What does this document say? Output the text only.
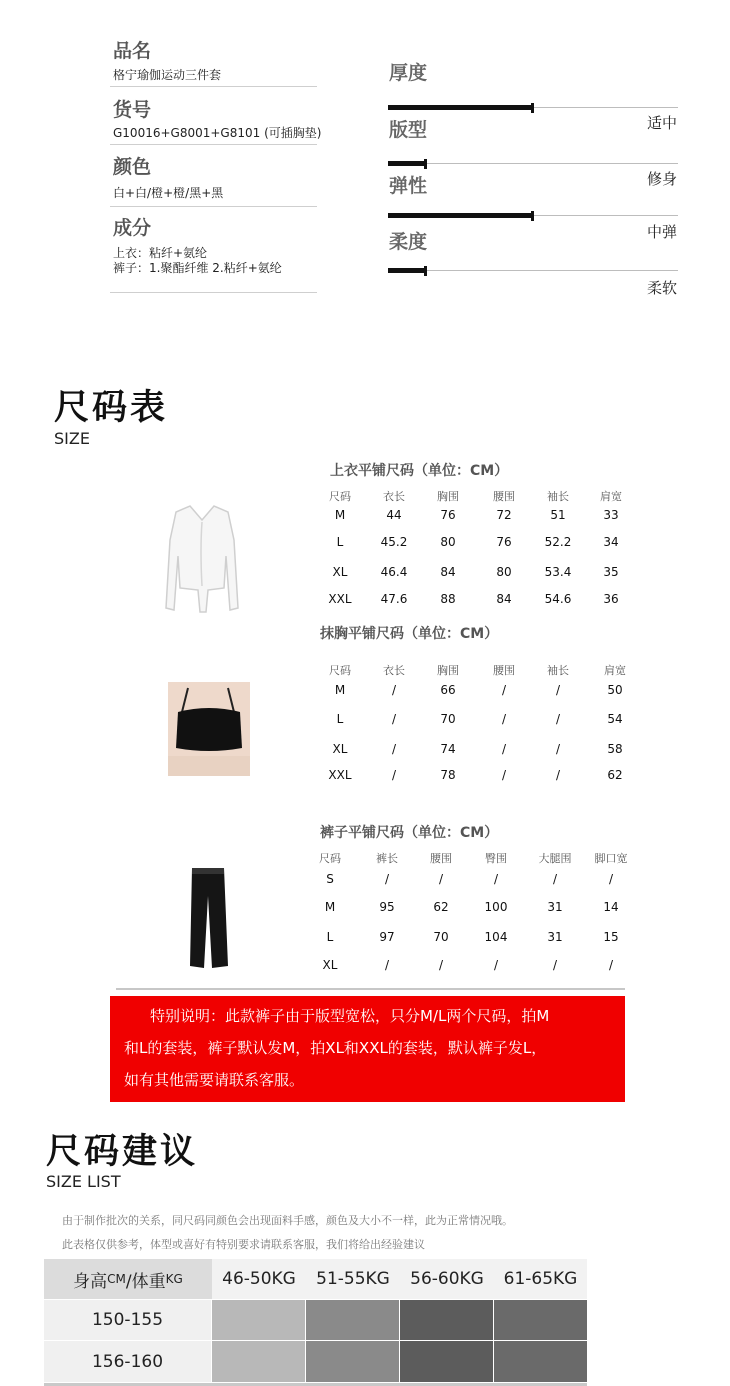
品名
格宁瑜伽运动三件套
货号
G10016+G8001+G8101 (可插胸垫)
颜色
白+白/橙+橙/黑+黑
成分
上衣：粘纤+氨纶
裤子：1.聚酯纤维 2.粘纤+氨纶
厚度
适中
版型
修身
弹性
中弹
柔度
柔软
尺码表
SIZE
上衣平铺尺码（单位：CM）
尺码	衣长	胸围	腰围	袖长	肩宽
M	44	76	72	51	33
L	45.2	80	76	52.2	34
XL	46.4	84	80	53.4	35
XXL	47.6	88	84	54.6	36
抹胸平铺尺码（单位：CM）
尺码	衣长	胸围	腰围	袖长	肩宽
M	/	66	/	/	50
L	/	70	/	/	54
XL	/	74	/	/	58
XXL	/	78	/	/	62
裤子平铺尺码（单位：CM）
尺码	裤长	腰围	臀围	大腿围	脚口宽
S	/	/	/	/	/
M	95	62	100	31	14
L	97	70	104	31	15
XL	/	/	/	/	/
特别说明：此款裤子由于版型宽松，只分M/L两个尺码，拍M
和L的套装，裤子默认发M，拍XL和XXL的套装，默认裤子发L，
如有其他需要请联系客服。
尺码建议
SIZE LIST
由于制作批次的关系，同尺码同颜色会出现面料手感，颜色及大小不一样，此为正常情况哦。
此表格仅供参考，体型或喜好有特别要求请联系客服，我们将给出经验建议
身高 CM /体重 KG	46-50KG	51-55KG	56-60KG	61-65KG
150-155
156-160
